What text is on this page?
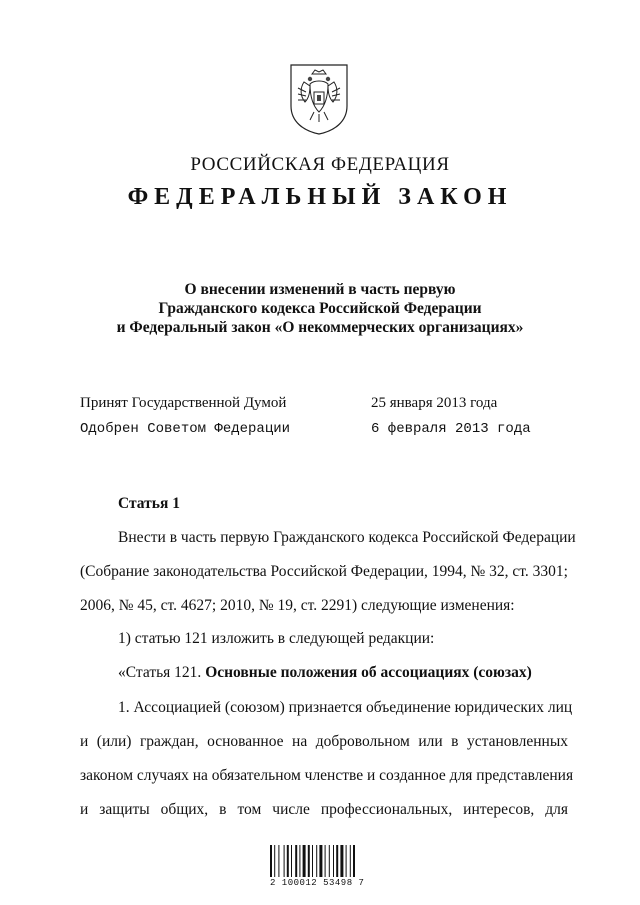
РОССИЙСКАЯ ФЕДЕРАЦИЯ
ФЕДЕРАЛЬНЫЙ ЗАКОН
О внесении изменений в часть первую
Гражданского кодекса Российской Федерации
и Федеральный закон «О некоммерческих организациях»
Принят Государственной Думой	25 января 2013 года
Одобрен Советом Федерации	6 февраля 2013 года
Статья 1
Внести в часть первую Гражданского кодекса Российской Федерации
(Собрание законодательства Российской Федерации, 1994, № 32, ст. 3301;
2006, № 45, ст. 4627; 2010, № 19, ст. 2291) следующие изменения:
1) статью 121 изложить в следующей редакции:
«Статья 121. Основные положения об ассоциациях (союзах)
1. Ассоциацией (союзом) признается объединение юридических лиц
и (или) граждан, основанное на добровольном или в установленных
законом случаях на обязательном членстве и созданное для представления
и защиты общих, в том числе профессиональных, интересов, для
2 100012 53498 7
